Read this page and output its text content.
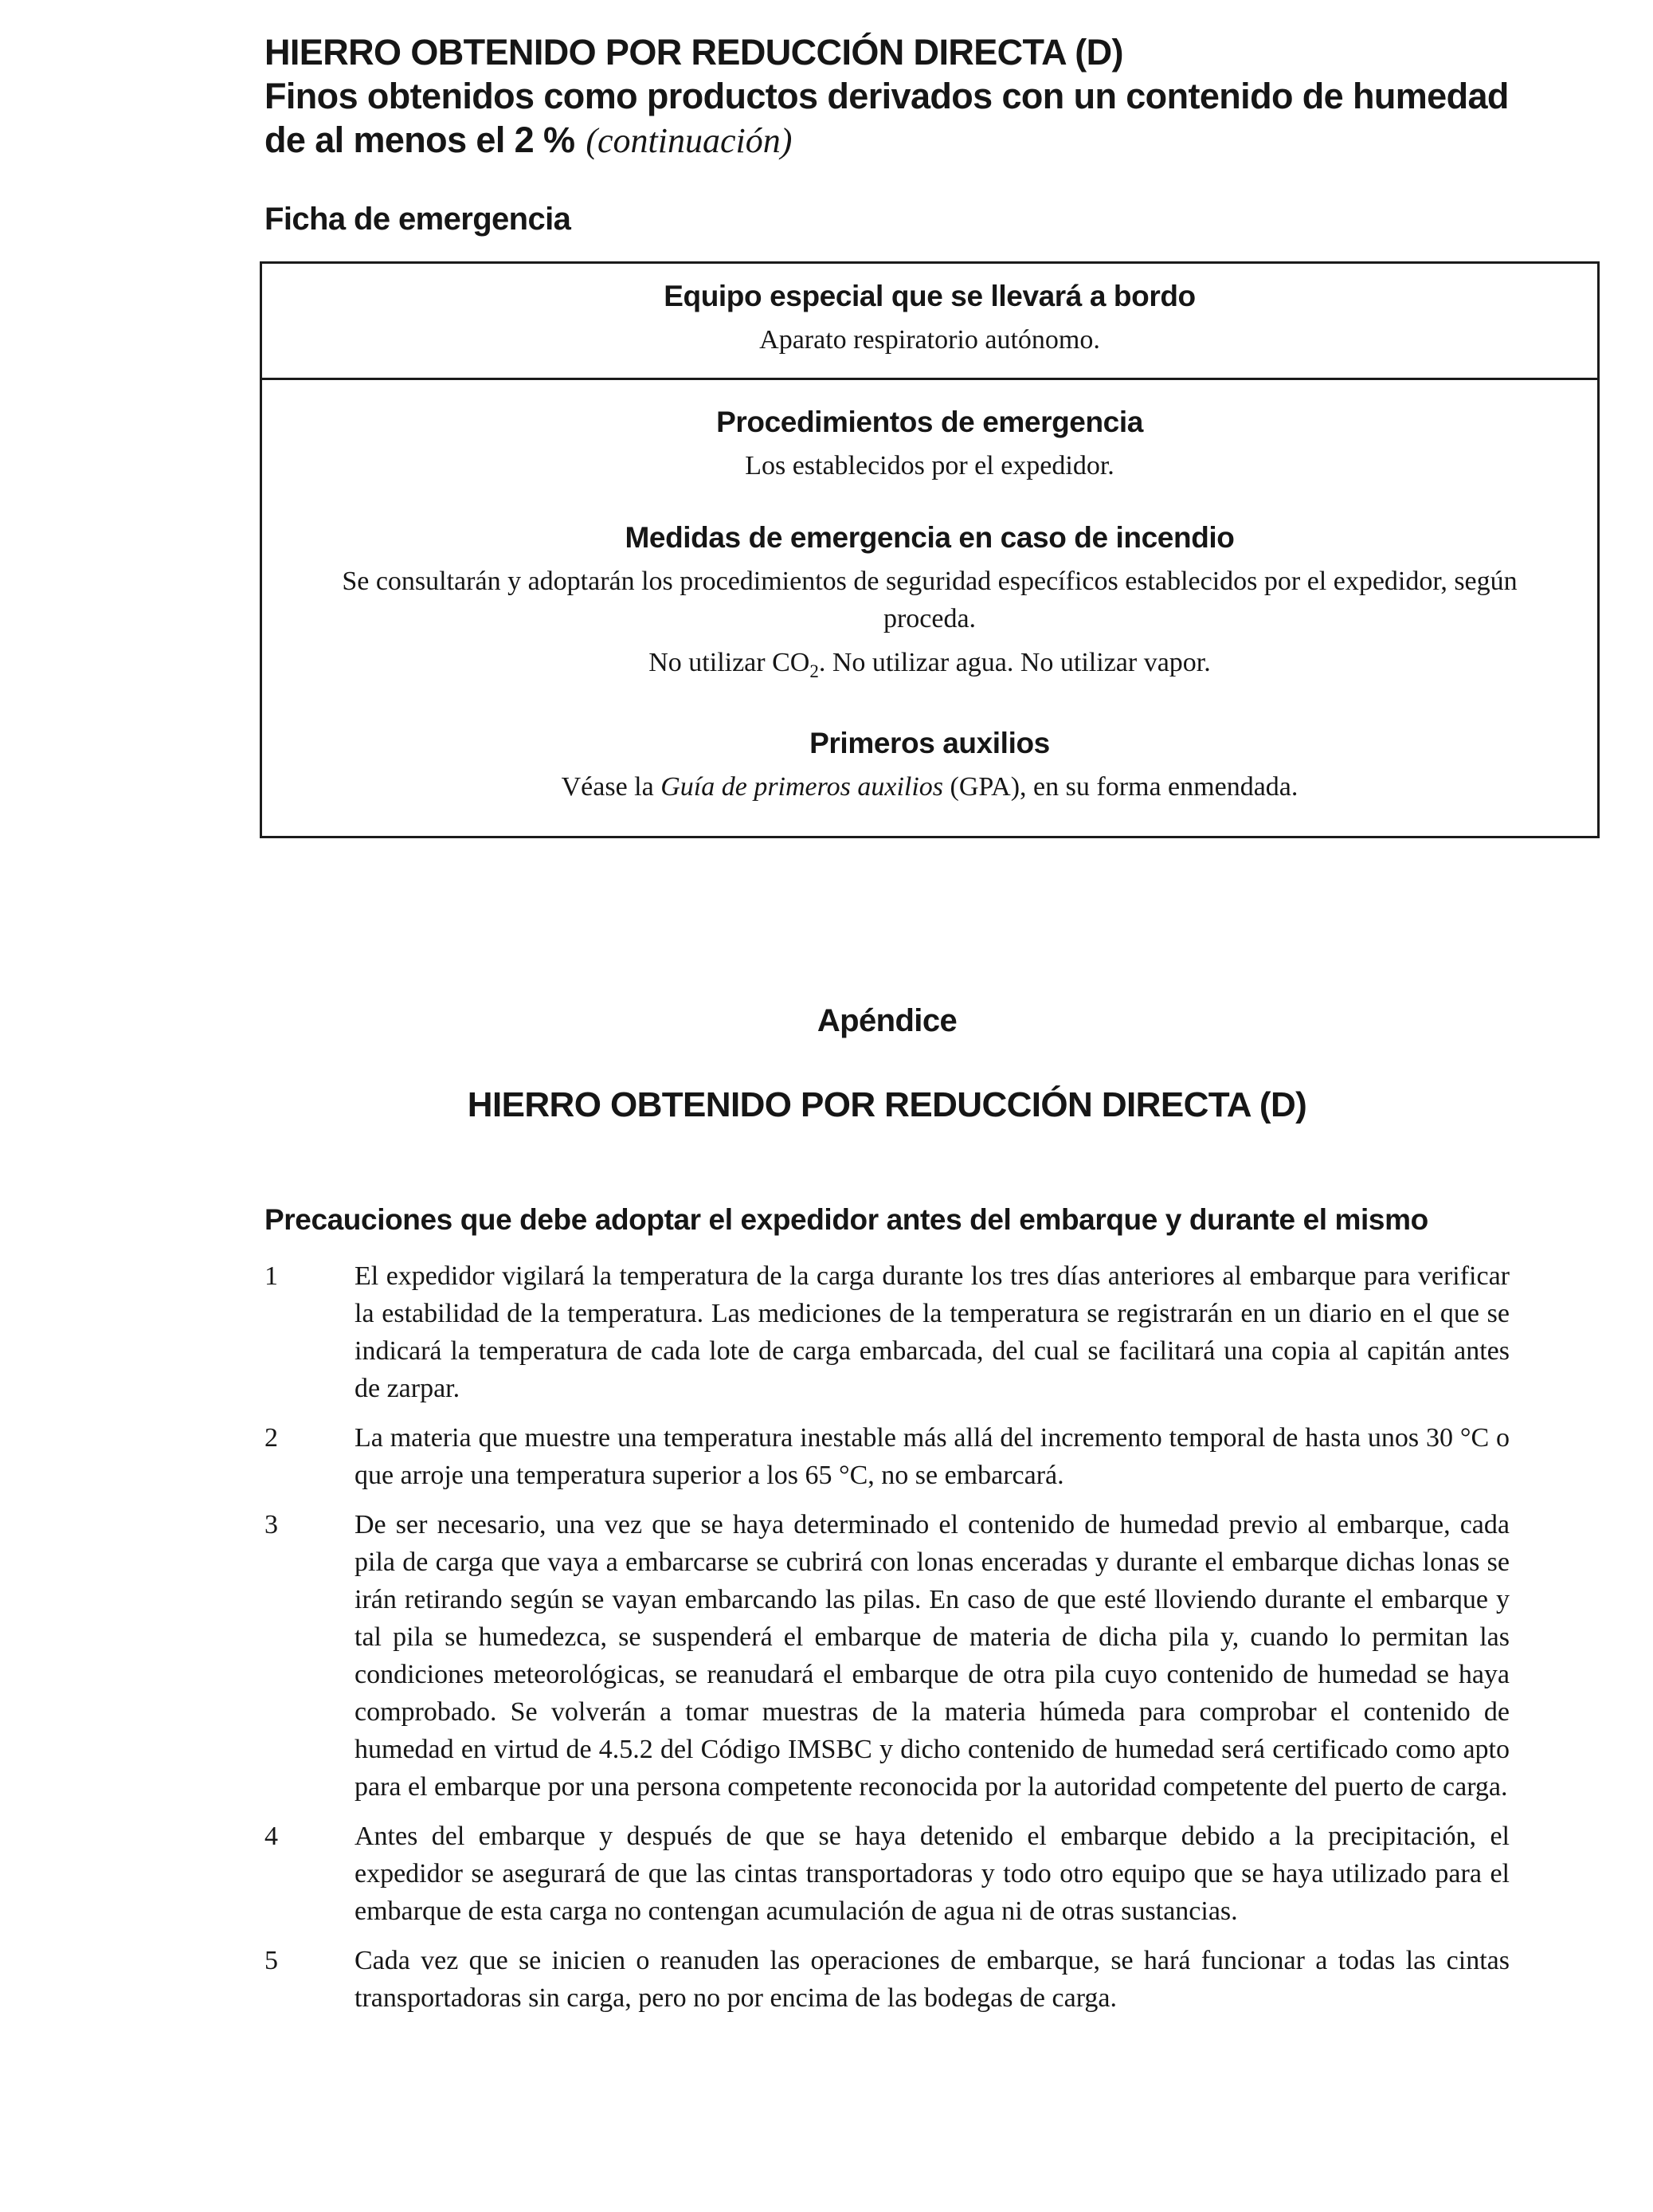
HIERRO OBTENIDO POR REDUCCIÓN DIRECTA (D)
Finos obtenidos como productos derivados con un contenido de humedad
de al menos el 2 % (continuación)
Ficha de emergencia
Equipo especial que se llevará a bordo

Aparato respiratorio autónomo.

Procedimientos de emergencia

Los establecidos por el expedidor.

Medidas de emergencia en caso de incendio

Se consultarán y adoptarán los procedimientos de seguridad específicos establecidos por el expedidor, según proceda.

No utilizar $CO_2$. No utilizar agua. No utilizar vapor.

Primeros auxilios

Véase la Guía de primeros auxilios (GPA), en su forma enmendada.

Apéndice
HIERRO OBTENIDO POR REDUCCIÓN DIRECTA (D)
Precauciones que debe adoptar el expedidor antes del embarque y durante el mismo
1	El expedidor vigilará la temperatura de la carga durante los tres días anteriores al embarque para verificar la estabilidad de la temperatura. Las mediciones de la temperatura se registrarán en un diario en el que se indicará la temperatura de cada lote de carga embarcada, del cual se facilitará una copia al capitán antes de zarpar.
2	La materia que muestre una temperatura inestable más allá del incremento temporal de hasta unos 30 °C o que arroje una temperatura superior a los 65 °C, no se embarcará.
3	De ser necesario, una vez que se haya determinado el contenido de humedad previo al embarque, cada pila de carga que vaya a embarcarse se cubrirá con lonas enceradas y durante el embarque dichas lonas se irán retirando según se vayan embarcando las pilas. En caso de que esté lloviendo durante el embarque y tal pila se humedezca, se suspenderá el embarque de materia de dicha pila y, cuando lo permitan las condiciones meteorológicas, se reanudará el embarque de otra pila cuyo contenido de humedad se haya comprobado. Se volverán a tomar muestras de la materia húmeda para comprobar el contenido de humedad en virtud de 4.5.2 del Código IMSBC y dicho contenido de humedad será certificado como apto para el embarque por una persona competente reconocida por la autoridad competente del puerto de carga.
4	Antes del embarque y después de que se haya detenido el embarque debido a la precipitación, el expedidor se asegurará de que las cintas transportadoras y todo otro equipo que se haya utilizado para el embarque de esta carga no contengan acumulación de agua ni de otras sustancias.
5	Cada vez que se inicien o reanuden las operaciones de embarque, se hará funcionar a todas las cintas transportadoras sin carga, pero no por encima de las bodegas de carga.
